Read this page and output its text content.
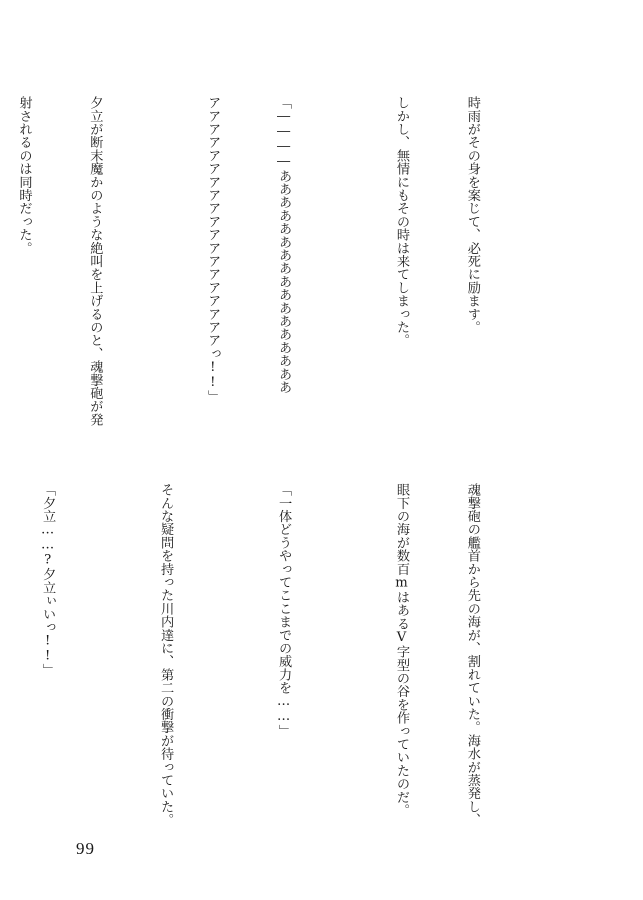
時雨がその身を案じて、必死に励ます。

しかし、無情にもその時は来てしまった。

「――――あああああああああああああああああ

アアアアアアアアアアアアアアアアアアアっ!!」

夕立が断末魔かのような絶叫を上げるのと、魂撃砲が発

射されるのは同時だった。

魂撃砲の艦首から先の海が、割れていた。海水が蒸発し、

眼下の海が数百mはあるV字型の谷を作っていたのだ。

「一体どうやってここまでの威力を……」

そんな疑問を持った川内達に、第二の衝撃が待っていた。

「夕立……?夕立ぃいっ!!」

99
